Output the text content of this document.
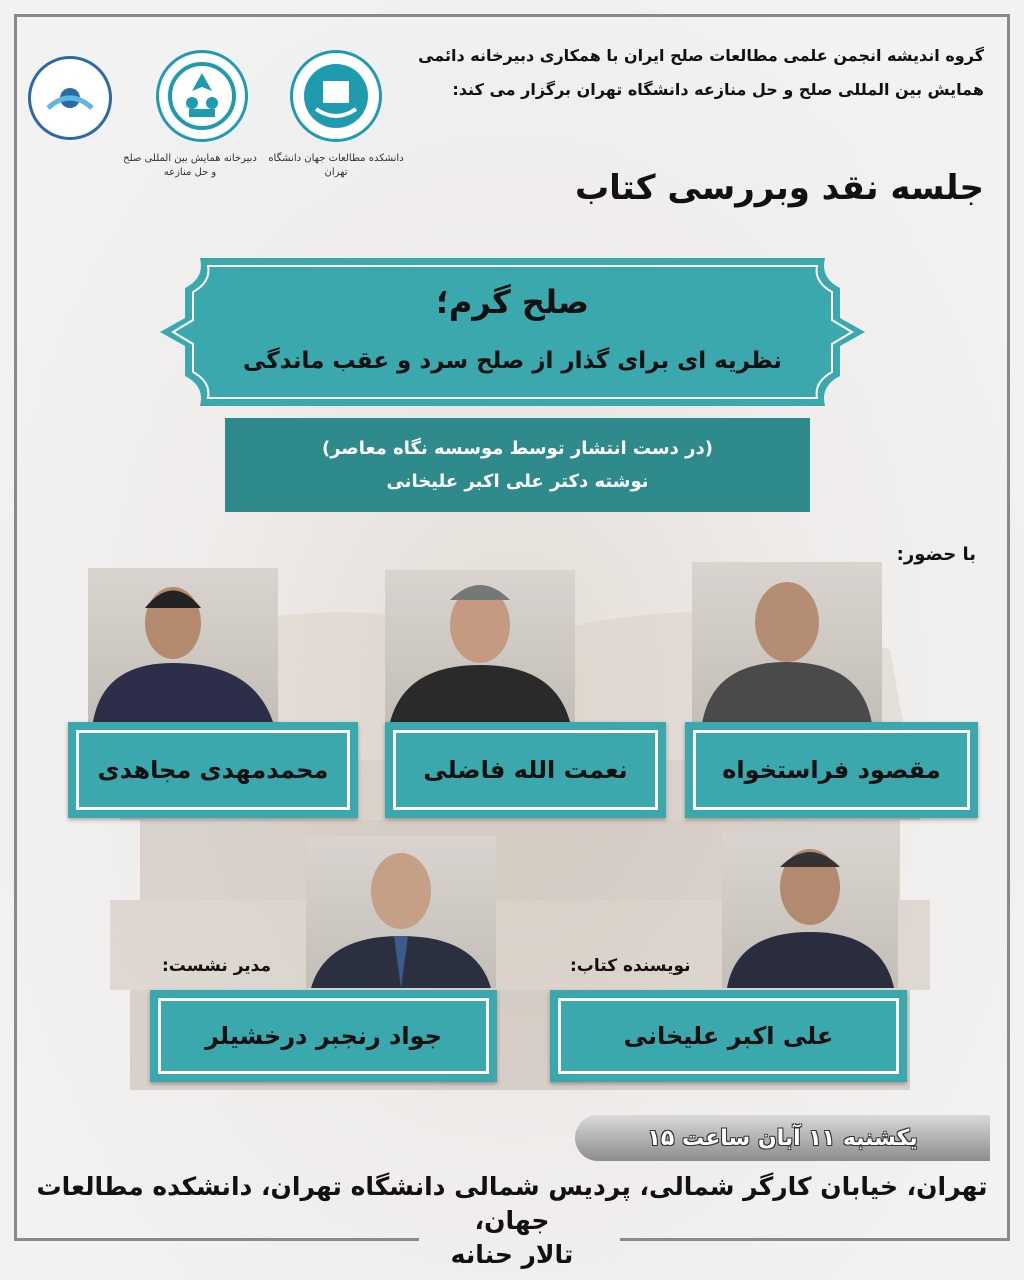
گروه اندیشه انجمن علمی مطالعات صلح ایران با همکاری دبیرخانه دائمی
همایش بین المللی صلح و حل منازعه دانشگاه تهران برگزار می کند:
دانشکده مطالعات جهان دانشگاه تهران
دبیرخانه همایش بین المللی صلح و حل منازعه	جلسه نقد وبررسی کتاب
صلح گرم؛
نظریه ای برای گذار از صلح سرد و عقب ماندگی
(در دست انتشار توسط موسسه نگاه معاصر)
نوشته دکتر علی اکبر علیخانی
با حضور:
مقصود فراستخواه
نعمت الله فاضلی
محمدمهدی مجاهدی
نویسنده کتاب:
مدیر نشست:
علی اکبر علیخانی
جواد رنجبر درخشیلر
یکشنبه ۱۱ آبان ساعت ۱۵
تهران، خیابان کارگر شمالی، پردیس شمالی دانشگاه تهران، دانشکده مطالعات جهان،
تالار حنانه
